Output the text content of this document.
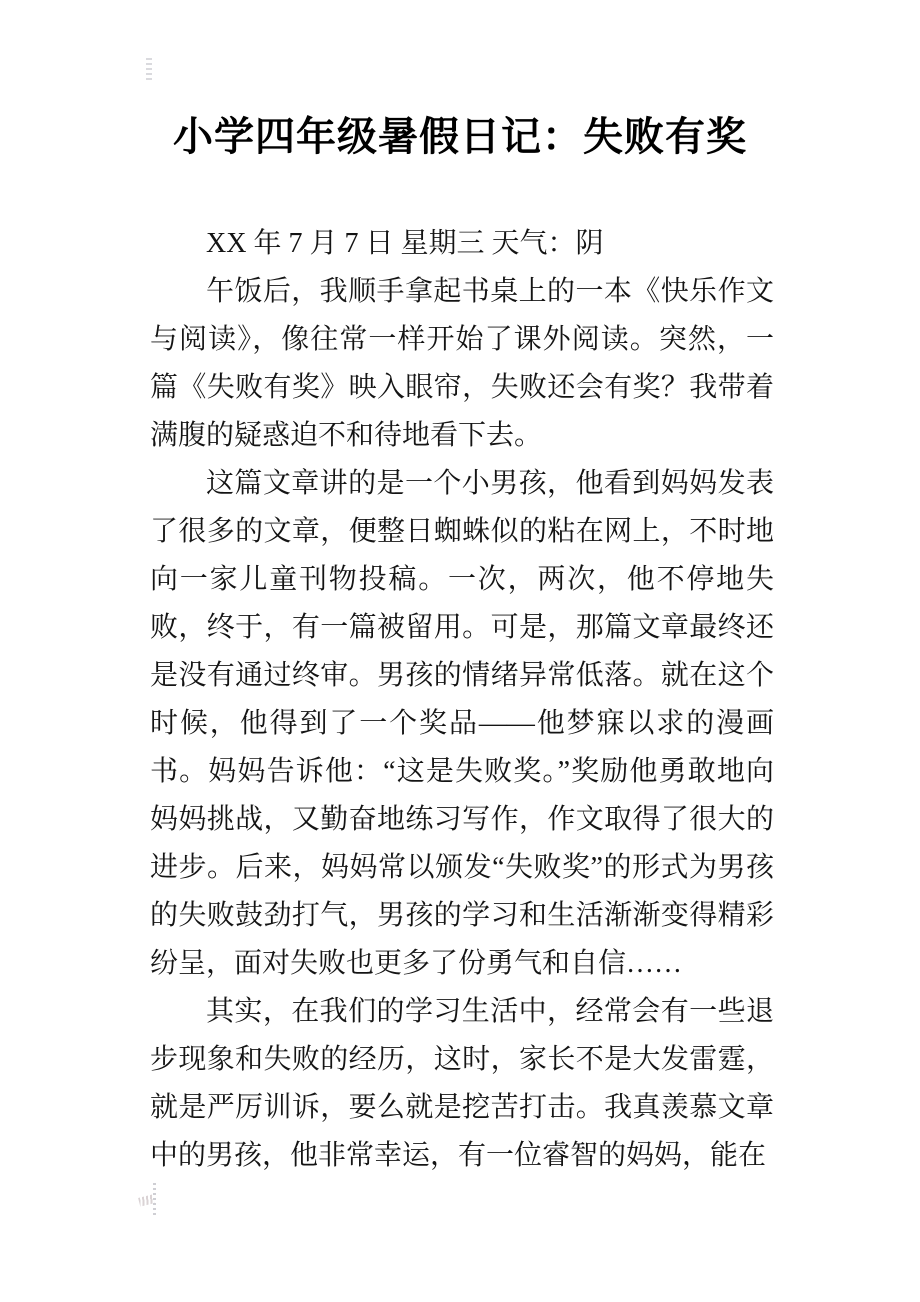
小学四年级暑假日记：失败有奖
XX 年 7 月 7 日 星期三 天气：阴

午饭后，我顺手拿起书桌上的一本《快乐作文与阅读》，像往常一样开始了课外阅读。突然，一篇《失败有奖》映入眼帘，失败还会有奖？我带着满腹的疑惑迫不和待地看下去。

这篇文章讲的是一个小男孩，他看到妈妈发表了很多的文章，便整日蜘蛛似的粘在网上，不时地向一家儿童刊物投稿。一次，两次，他不停地失败，终于，有一篇被留用。可是，那篇文章最终还是没有通过终审。男孩的情绪异常低落。就在这个时候，他得到了一个奖品——他梦寐以求的漫画书。妈妈告诉他：“这是失败奖。”奖励他勇敢地向妈妈挑战，又勤奋地练习写作，作文取得了很大的进步。后来，妈妈常以颁发“失败奖”的形式为男孩的失败鼓劲打气，男孩的学习和生活渐渐变得精彩纷呈，面对失败也更多了份勇气和自信……

其实，在我们的学习生活中，经常会有一些退步现象和失败的经历，这时，家长不是大发雷霆，就是严厉训诉，要么就是挖苦打击。我真羡慕文章中的男孩，他非常幸运，有一位睿智的妈妈，能在
